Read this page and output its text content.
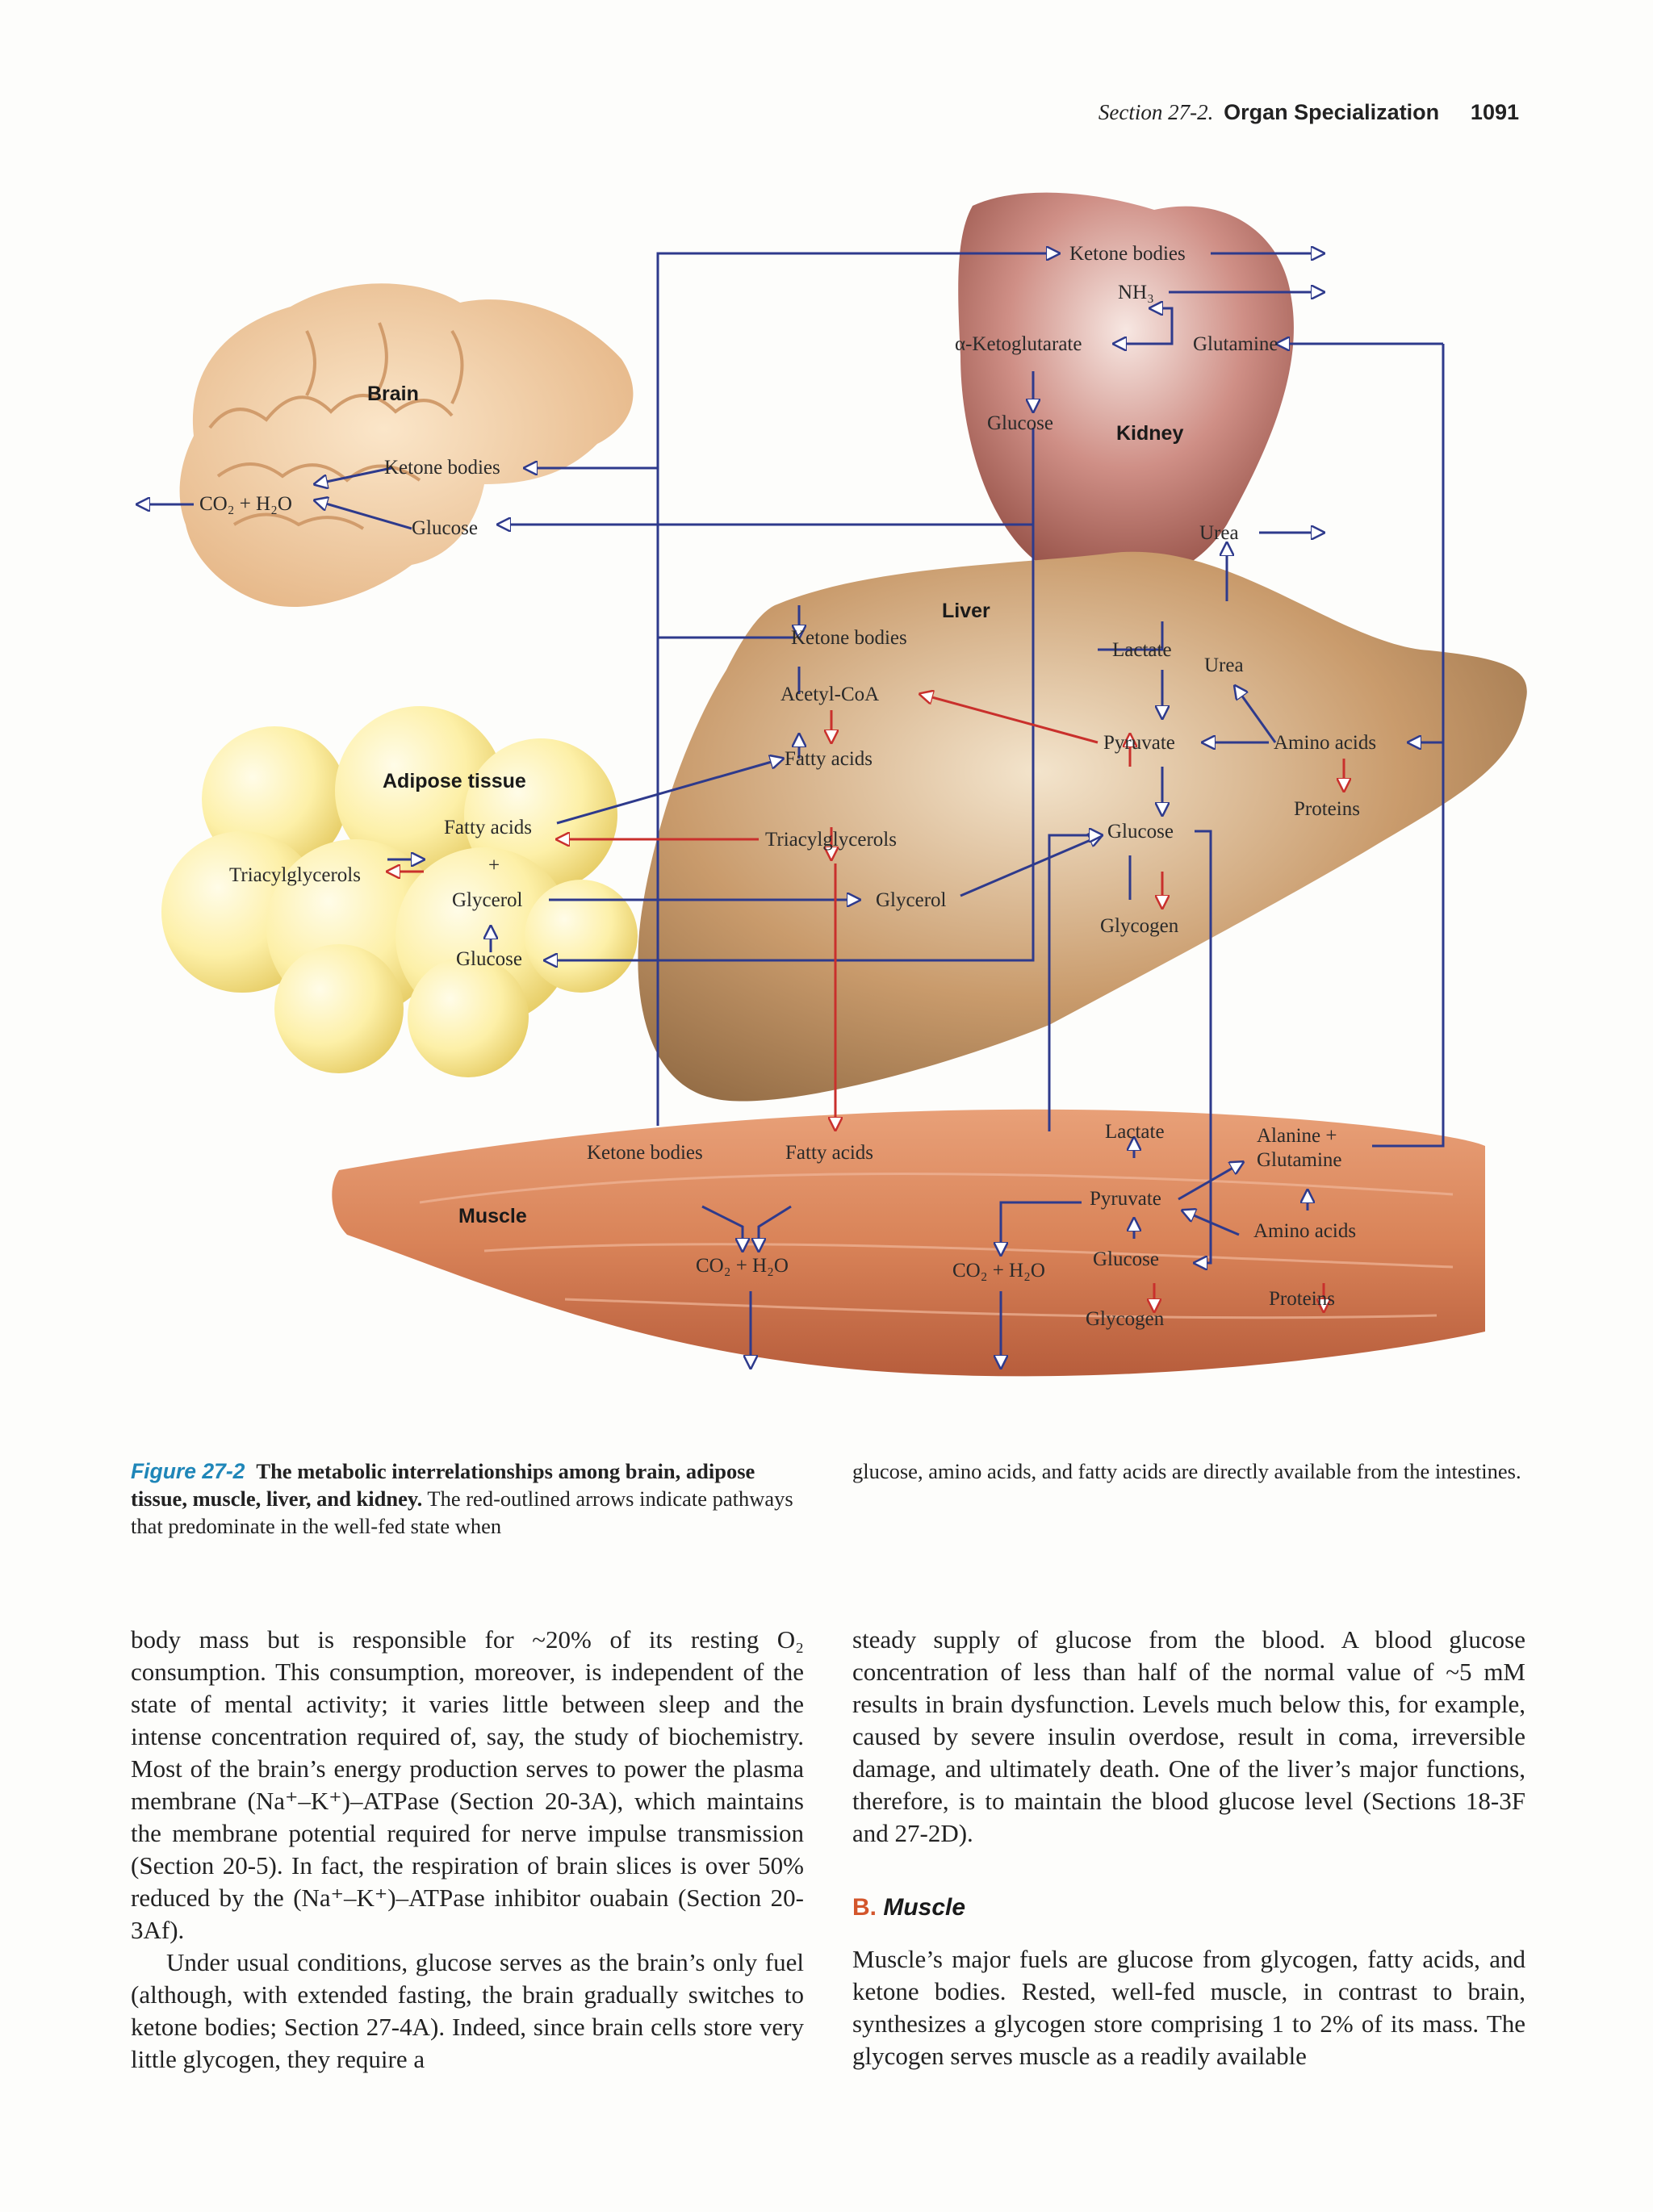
Section 27-2. Organ Specialization 1091
Brain
Kidney
Liver
Adipose tissue
Muscle
Ketone bodies
NH₃
α-Ketoglutarate	Glutamine
Glucose
Urea
Ketone bodies
CO₂ + H₂O
Glucose
Ketone bodies
Acetyl-CoA
Fatty acids
Triacylglycerols
Glycerol
Lactate
Urea
Pyruvate	Amino acids
Proteins
Glucose
Glycogen
Fatty acids
+
Triacylglycerols
Glycerol
Glucose
Ketone bodies	Fatty acids
CO₂ + H₂O	CO₂ + H₂O
Lactate	Alanine +
Glutamine
Pyruvate
Amino acids
Glucose
Proteins
Glycogen
Figure 27-2 The metabolic interrelationships among brain, adipose tissue, muscle, liver, and kidney. The red-outlined arrows indicate pathways that predominate in the well-fed state when
glucose, amino acids, and fatty acids are directly available from the intestines.

body mass but is responsible for ~20% of its resting O₂ consumption. This consumption, moreover, is independent of the state of mental activity; it varies little between sleep and the intense concentration required of, say, the study of biochemistry. Most of the brain’s energy production serves to power the plasma membrane (Na⁺–K⁺)–ATPase (Section 20-3A), which maintains the membrane potential required for nerve impulse transmission (Section 20-5). In fact, the respiration of brain slices is over 50% reduced by the (Na⁺–K⁺)–ATPase inhibitor ouabain (Section 20-3Af).

Under usual conditions, glucose serves as the brain’s only fuel (although, with extended fasting, the brain gradually switches to ketone bodies; Section 27-4A). Indeed, since brain cells store very little glycogen, they require a

steady supply of glucose from the blood. A blood glucose concentration of less than half of the normal value of ~5 mM results in brain dysfunction. Levels much below this, for example, caused by severe insulin overdose, result in coma, irreversible damage, and ultimately death. One of the liver’s major functions, therefore, is to maintain the blood glucose level (Sections 18-3F and 27-2D).

B. Muscle

Muscle’s major fuels are glucose from glycogen, fatty acids, and ketone bodies. Rested, well-fed muscle, in contrast to brain, synthesizes a glycogen store comprising 1 to 2% of its mass. The glycogen serves muscle as a readily available
